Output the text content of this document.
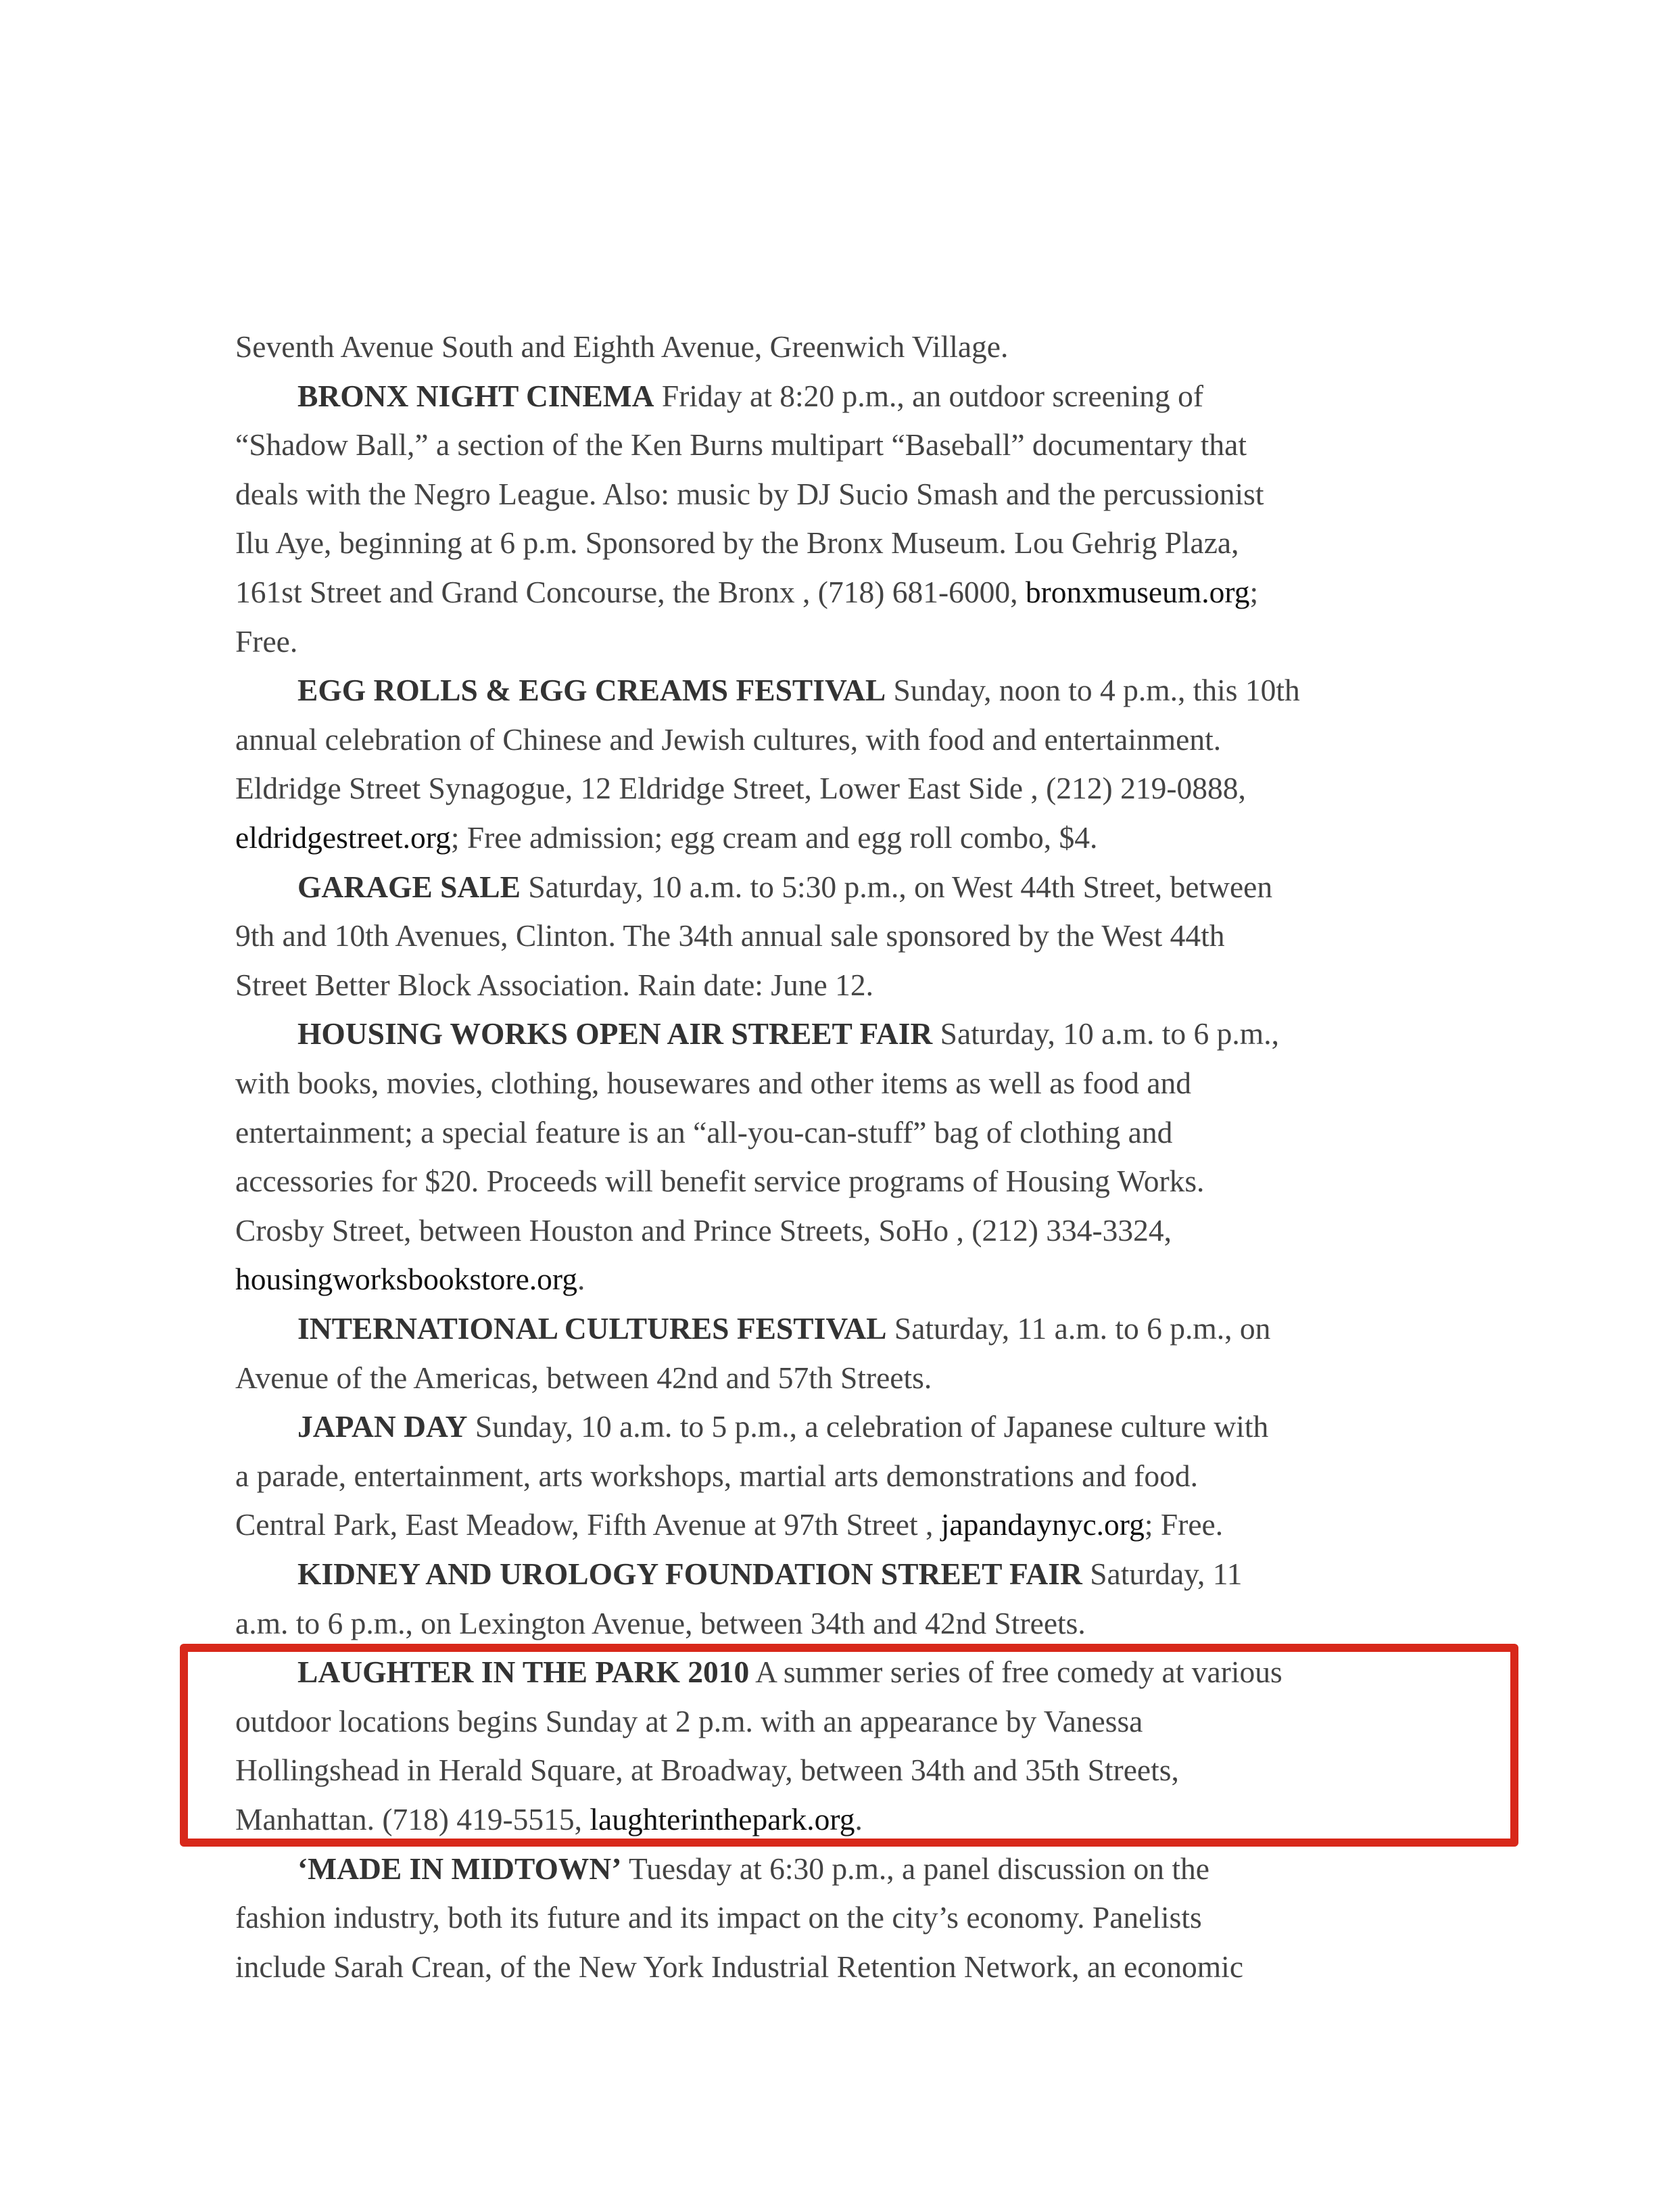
Seventh Avenue South and Eighth Avenue, Greenwich Village.

BRONX NIGHT CINEMA Friday at 8:20 p.m., an outdoor screening of

“Shadow Ball,” a section of the Ken Burns multipart “Baseball” documentary that

deals with the Negro League. Also: music by DJ Sucio Smash and the percussionist

Ilu Aye, beginning at 6 p.m. Sponsored by the Bronx Museum. Lou Gehrig Plaza,

161st Street and Grand Concourse, the Bronx , (718) 681-6000, bronxmuseum.org;

Free.

EGG ROLLS & EGG CREAMS FESTIVAL Sunday, noon to 4 p.m., this 10th

annual celebration of Chinese and Jewish cultures, with food and entertainment.

Eldridge Street Synagogue, 12 Eldridge Street, Lower East Side , (212) 219-0888,

eldridgestreet.org; Free admission; egg cream and egg roll combo, $4.

GARAGE SALE Saturday, 10 a.m. to 5:30 p.m., on West 44th Street, between

9th and 10th Avenues, Clinton. The 34th annual sale sponsored by the West 44th

Street Better Block Association. Rain date: June 12.

HOUSING WORKS OPEN AIR STREET FAIR Saturday, 10 a.m. to 6 p.m.,

with books, movies, clothing, housewares and other items as well as food and

entertainment; a special feature is an “all-you-can-stuff” bag of clothing and

accessories for $20. Proceeds will benefit service programs of Housing Works.

Crosby Street, between Houston and Prince Streets, SoHo , (212) 334-3324,

housingworksbookstore.org.

INTERNATIONAL CULTURES FESTIVAL Saturday, 11 a.m. to 6 p.m., on

Avenue of the Americas, between 42nd and 57th Streets.

JAPAN DAY Sunday, 10 a.m. to 5 p.m., a celebration of Japanese culture with

a parade, entertainment, arts workshops, martial arts demonstrations and food.

Central Park, East Meadow, Fifth Avenue at 97th Street , japandaynyc.org; Free.

KIDNEY AND UROLOGY FOUNDATION STREET FAIR Saturday, 11

a.m. to 6 p.m., on Lexington Avenue, between 34th and 42nd Streets.

LAUGHTER IN THE PARK 2010 A summer series of free comedy at various

outdoor locations begins Sunday at 2 p.m. with an appearance by Vanessa

Hollingshead in Herald Square, at Broadway, between 34th and 35th Streets,

Manhattan. (718) 419-5515, laughterinthepark.org.

‘MADE IN MIDTOWN’ Tuesday at 6:30 p.m., a panel discussion on the

fashion industry, both its future and its impact on the city’s economy. Panelists

include Sarah Crean, of the New York Industrial Retention Network, an economic
